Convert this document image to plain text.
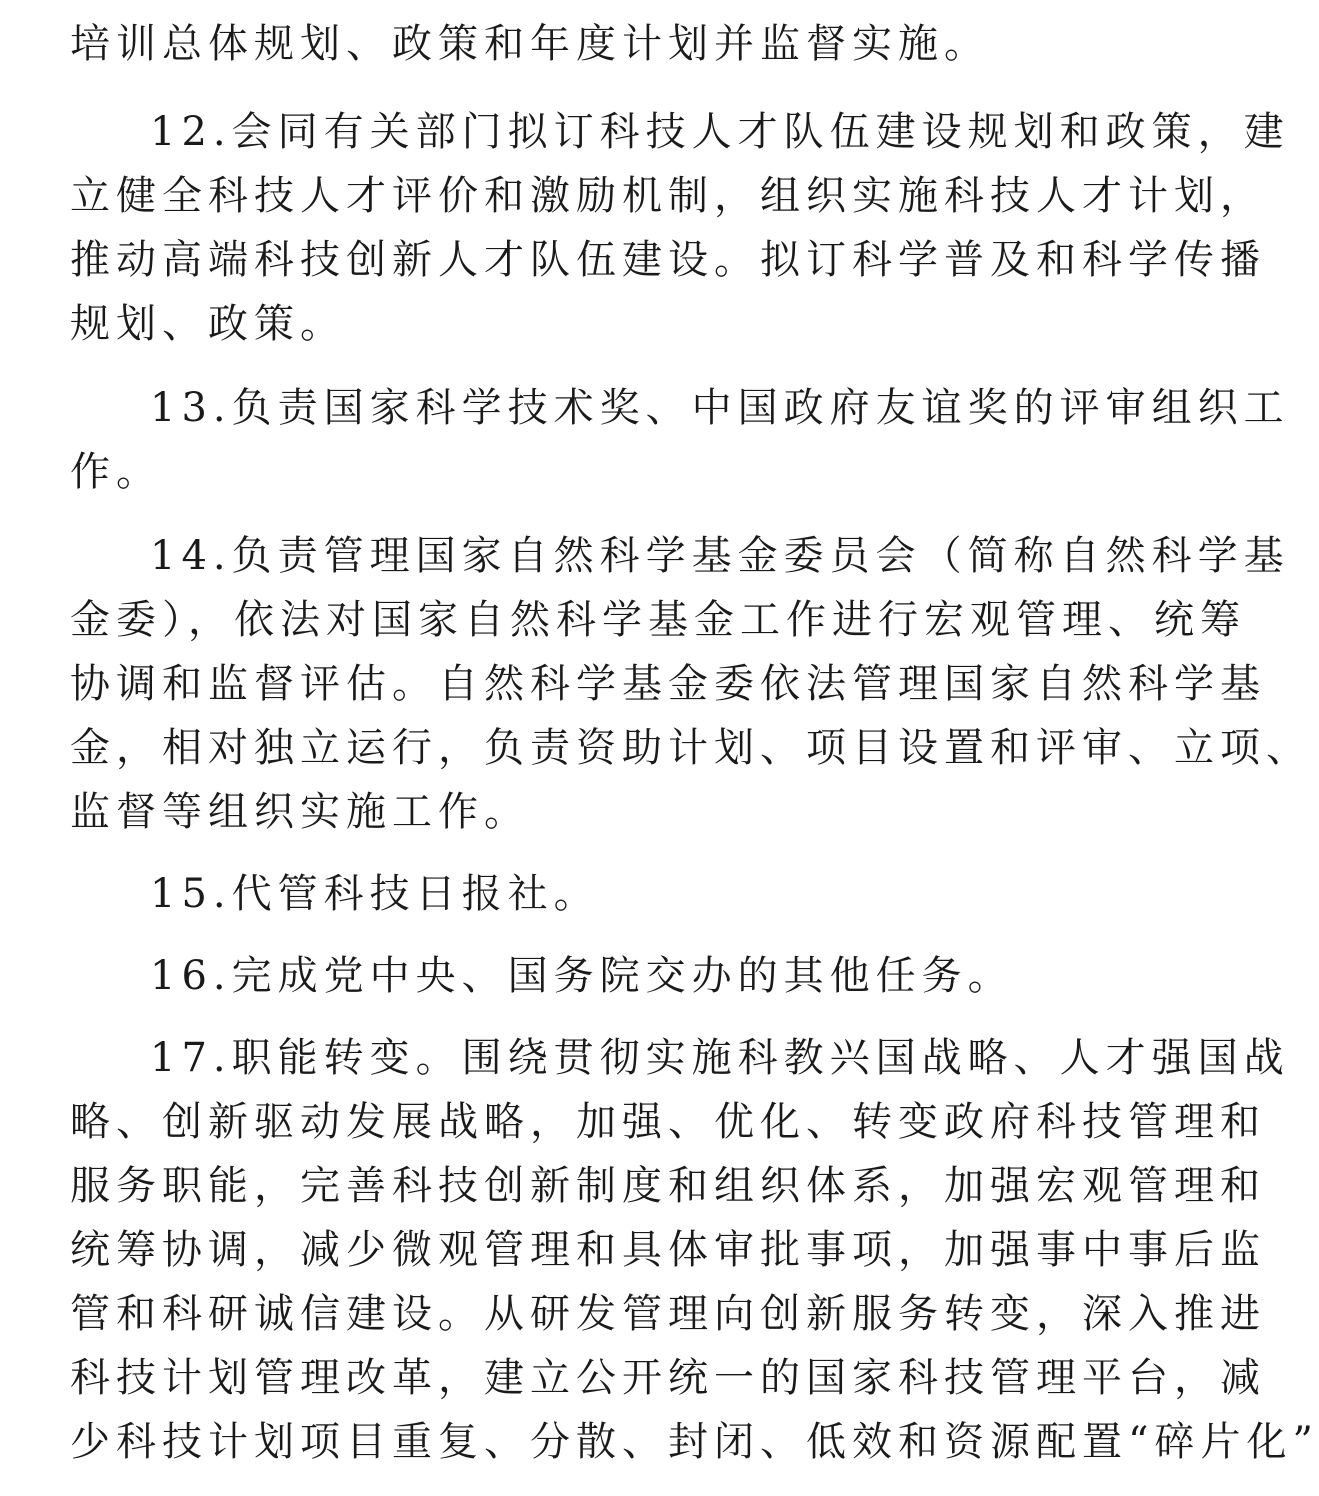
培训总体规划、政策和年度计划并监督实施。
12.会同有关部门拟订科技人才队伍建设规划和政策，建
立健全科技人才评价和激励机制，组织实施科技人才计划，
推动高端科技创新人才队伍建设。拟订科学普及和科学传播
规划、政策。
13.负责国家科学技术奖、中国政府友谊奖的评审组织工
作。
14.负责管理国家自然科学基金委员会（简称自然科学基
金委），依法对国家自然科学基金工作进行宏观管理、统筹
协调和监督评估。自然科学基金委依法管理国家自然科学基
金，相对独立运行，负责资助计划、项目设置和评审、立项、
监督等组织实施工作。
15.代管科技日报社。
16.完成党中央、国务院交办的其他任务。
17.职能转变。围绕贯彻实施科教兴国战略、人才强国战
略、创新驱动发展战略，加强、优化、转变政府科技管理和
服务职能，完善科技创新制度和组织体系，加强宏观管理和
统筹协调，减少微观管理和具体审批事项，加强事中事后监
管和科研诚信建设。从研发管理向创新服务转变，深入推进
科技计划管理改革，建立公开统一的国家科技管理平台，减
少科技计划项目重复、分散、封闭、低效和资源配置“碎片化”
